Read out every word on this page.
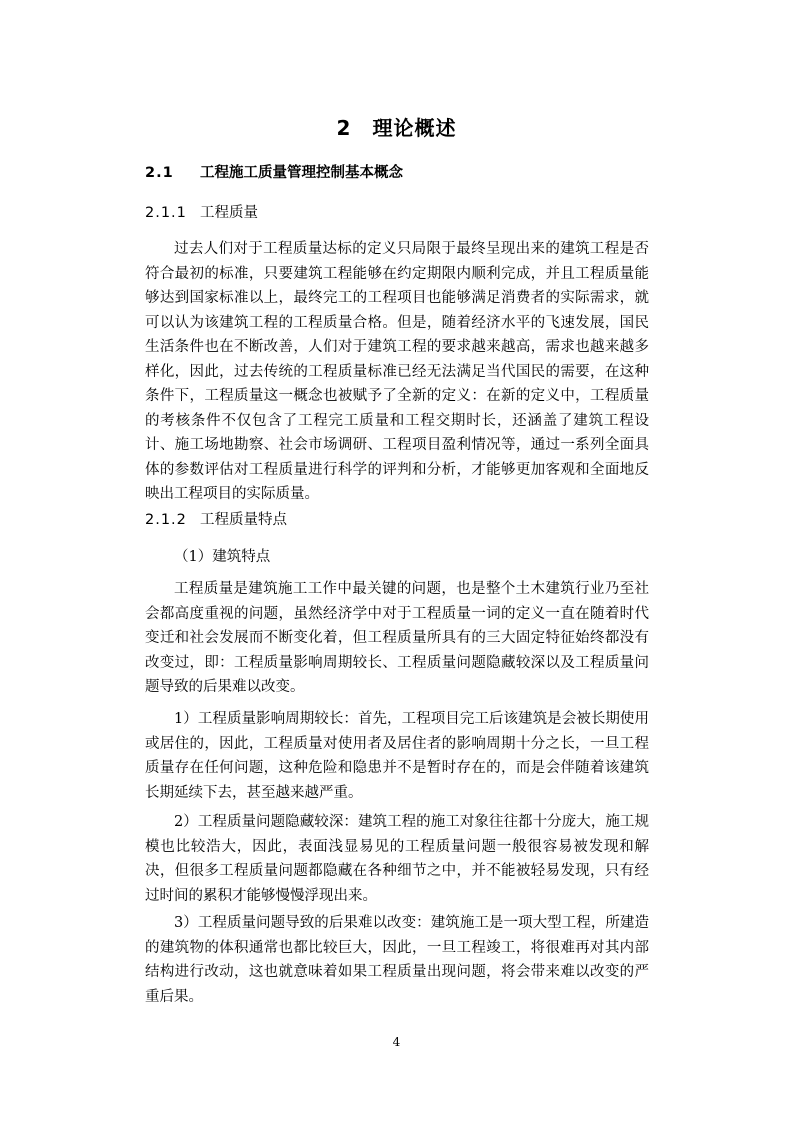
2　理论概述
2.1 工程施工质量管理控制基本概念
2.1.1 工程质量

过去人们对于工程质量达标的定义只局限于最终呈现出来的建筑工程是否符合最初的标准，只要建筑工程能够在约定期限内顺利完成，并且工程质量能够达到国家标准以上，最终完工的工程项目也能够满足消费者的实际需求，就可以认为该建筑工程的工程质量合格。但是，随着经济水平的飞速发展，国民生活条件也在不断改善，人们对于建筑工程的要求越来越高，需求也越来越多样化，因此，过去传统的工程质量标准已经无法满足当代国民的需要，在这种条件下，工程质量这一概念也被赋予了全新的定义：在新的定义中，工程质量的考核条件不仅包含了工程完工质量和工程交期时长，还涵盖了建筑工程设计、施工场地勘察、社会市场调研、工程项目盈利情况等，通过一系列全面具体的参数评估对工程质量进行科学的评判和分析，才能够更加客观和全面地反映出工程项目的实际质量。

2.1.2 工程质量特点
（1）建筑特点

工程质量是建筑施工工作中最关键的问题，也是整个土木建筑行业乃至社会都高度重视的问题，虽然经济学中对于工程质量一词的定义一直在随着时代变迁和社会发展而不断变化着，但工程质量所具有的三大固定特征始终都没有改变过，即：工程质量影响周期较长、工程质量问题隐藏较深以及工程质量问题导致的后果难以改变。

1）工程质量影响周期较长：首先，工程项目完工后该建筑是会被长期使用或居住的，因此，工程质量对使用者及居住者的影响周期十分之长，一旦工程质量存在任何问题，这种危险和隐患并不是暂时存在的，而是会伴随着该建筑长期延续下去，甚至越来越严重。

2）工程质量问题隐藏较深：建筑工程的施工对象往往都十分庞大，施工规模也比较浩大，因此，表面浅显易见的工程质量问题一般很容易被发现和解决，但很多工程质量问题都隐藏在各种细节之中，并不能被轻易发现，只有经过时间的累积才能够慢慢浮现出来。

3）工程质量问题导致的后果难以改变：建筑施工是一项大型工程，所建造的建筑物的体积通常也都比较巨大，因此，一旦工程竣工，将很难再对其内部结构进行改动，这也就意味着如果工程质量出现问题，将会带来难以改变的严重后果。

4
